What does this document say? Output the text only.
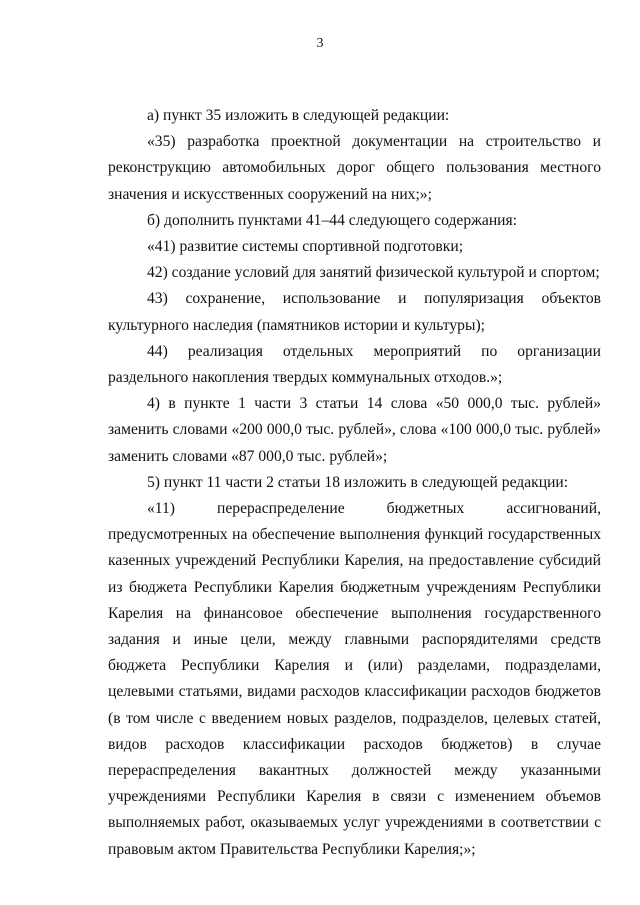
3

а) пункт 35 изложить в следующей редакции:

«35) разработка проектной документации на строительство и реконструкцию автомобильных дорог общего пользования местного значения и искусственных сооружений на них;»;

б) дополнить пунктами 41–44 следующего содержания:

«41) развитие системы спортивной подготовки;

42) создание условий для занятий физической культурой и спортом;

43) сохранение, использование и популяризация объектов культурного наследия (памятников истории и культуры);

44) реализация отдельных мероприятий по организации раздельного накопления твердых коммунальных отходов.»;

4) в пункте 1 части 3 статьи 14 слова «50 000,0 тыс. рублей» заменить словами «200 000,0 тыс. рублей», слова «100 000,0 тыс. рублей» заменить словами «87 000,0 тыс. рублей»;

5) пункт 11 части 2 статьи 18 изложить в следующей редакции:

«11) перераспределение бюджетных ассигнований, предусмотренных на обеспечение выполнения функций государственных казенных учреждений Республики Карелия, на предоставление субсидий из бюджета Республики Карелия бюджетным учреждениям Республики Карелия на финансовое обеспечение выполнения государственного задания и иные цели, между главными распорядителями средств бюджета Республики Карелия и (или) разделами, подразделами, целевыми статьями, видами расходов классификации расходов бюджетов (в том числе с введением новых разделов, подразделов, целевых статей, видов расходов классификации расходов бюджетов) в случае перераспределения вакантных должностей между указанными учреждениями Республики Карелия в связи с изменением объемов выполняемых работ, оказываемых услуг учреждениями в соответствии с правовым актом Правительства Республики Карелия;»;
